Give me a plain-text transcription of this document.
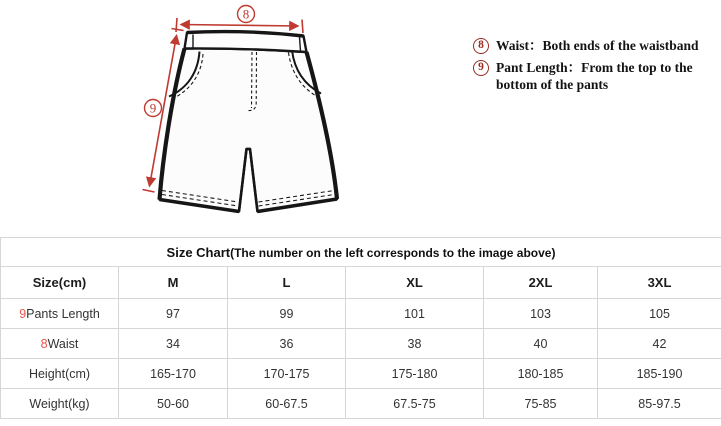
8
9
8 Waist：Both ends of the waistband
9 Pant Length：From the top to the
bottom of the pants
Size Chart(The number on the left corresponds to the image above)					
Size(cm)	M	L	XL	2XL	3XL
9Pants Length	97	99	101	103	105
8Waist	34	36	38	40	42
Height(cm)	165-170	170-175	175-180	180-185	185-190
Weight(kg)	50-60	60-67.5	67.5-75	75-85	85-97.5
